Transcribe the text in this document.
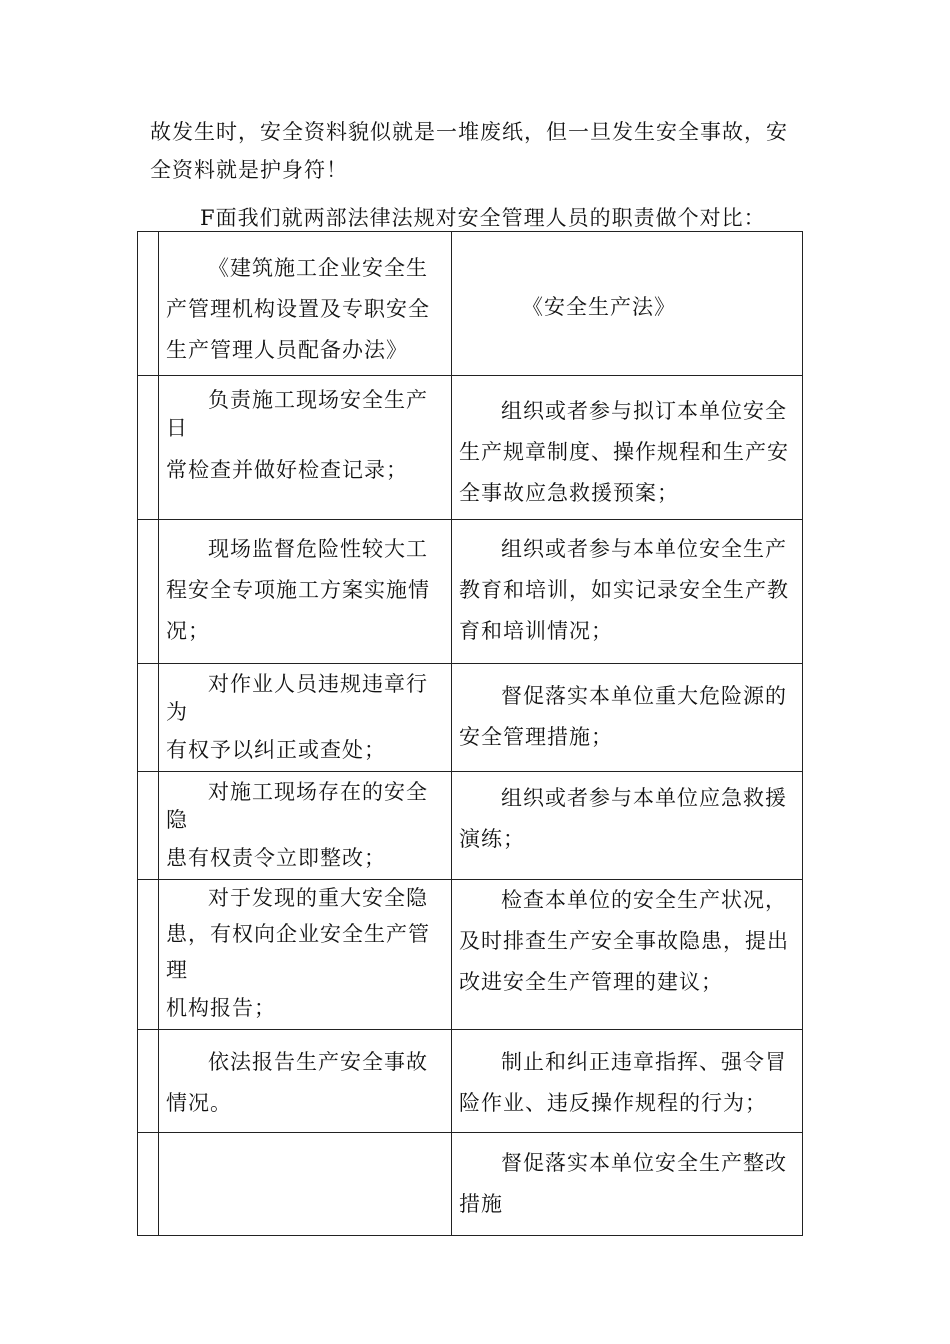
故发生时，安全资料貌似就是一堆废纸，但一旦发生安全事故，安
全资料就是护身符！
F面我们就两部法律法规对安全管理人员的职责做个对比：

	《建筑施工企业安全生产管理机构设置及专职安全生产管理人员配备办法》	《安全生产法》

	负责施工现场安全生产日
常检查并做好检查记录；	组织或者参与拟订本单位安全生产规章制度、操作规程和生产安全事故应急救援预案；

	现场监督危险性较大工程安全专项施工方案实施情况；	组织或者参与本单位安全生产教育和培训，如实记录安全生产教育和培训情况；

	对作业人员违规违章行为
有权予以纠正或查处；	督促落实本单位重大危险源的安全管理措施；

	对施工现场存在的安全隐
患有权责令立即整改；	组织或者参与本单位应急救援演练；

	对于发现的重大安全隐患，有权向企业安全生产管理
机构报告；	检查本单位的安全生产状况，及时排查生产安全事故隐患，提出改进安全生产管理的建议；

	依法报告生产安全事故情况。	制止和纠正违章指挥、强令冒险作业、违反操作规程的行为；

		督促落实本单位安全生产整改措施
